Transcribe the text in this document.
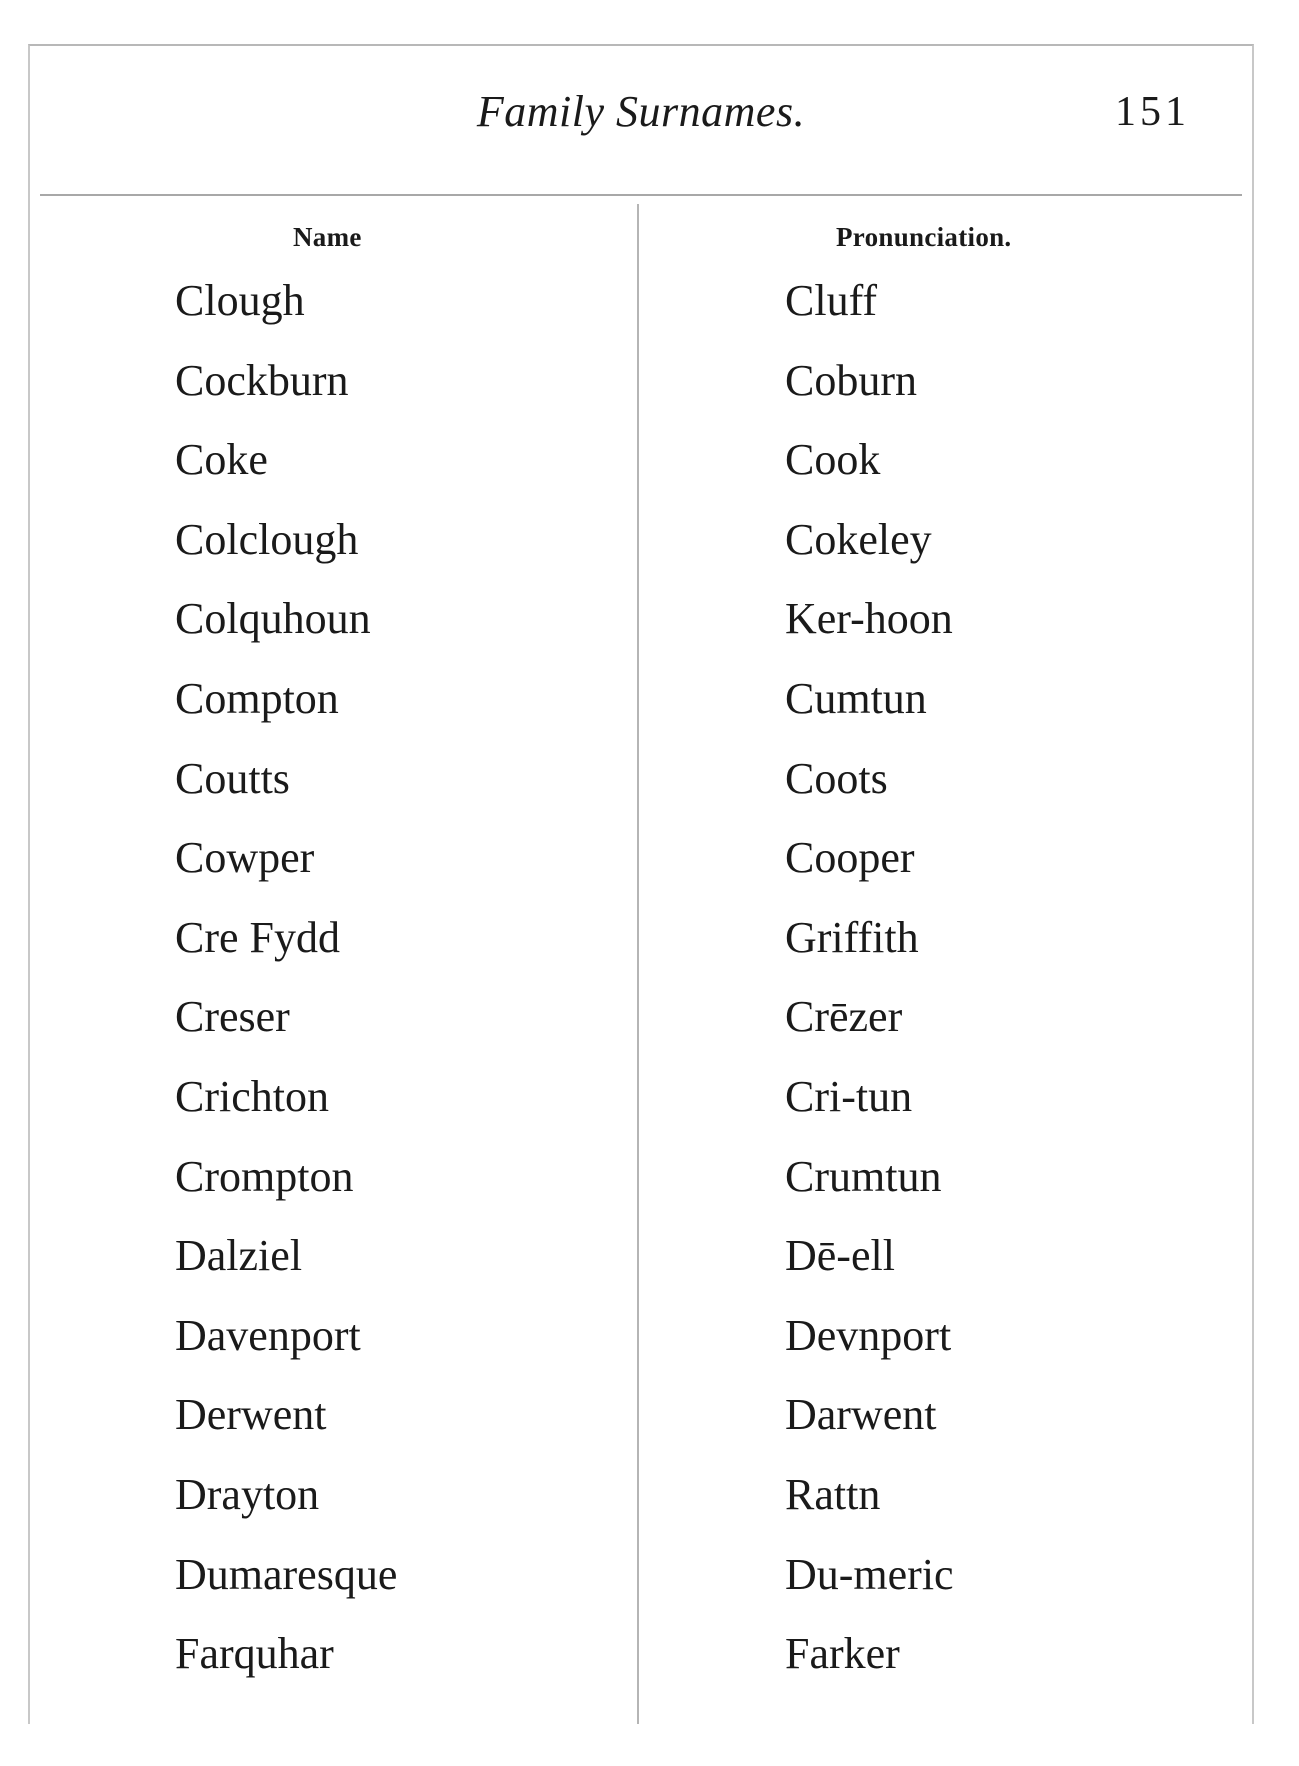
Family Surnames.	151
Name	Pronunciation.
Clough	Cluff
Cockburn	Coburn
Coke	Cook
Colclough	Cokeley
Colquhoun	Ker-hoon
Compton	Cumtun
Coutts	Coots
Cowper	Cooper
Cre Fydd	Griffith
Creser	Crēzer
Crichton	Cri-tun
Crompton	Crumtun
Dalziel	Dē-ell
Davenport	Devnport
Derwent	Darwent
Drayton	Rattn
Dumaresque	Du-meric
Farquhar	Farker
